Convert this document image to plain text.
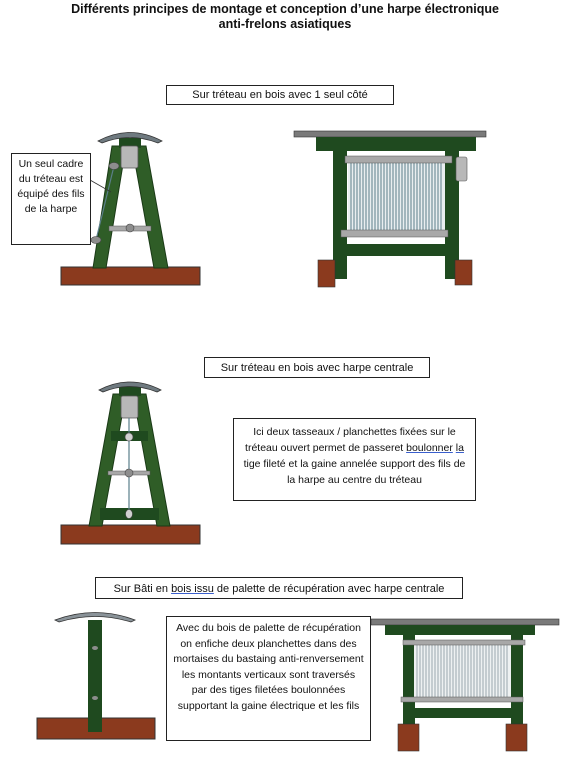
Différents principes de montage et conception d’une harpe électronique
anti-frelons asiatiques
Sur tréteau en bois avec 1 seul côté
Un seul cadre du tréteau est équipé des fils de la harpe
Sur tréteau en bois avec harpe centrale
Ici deux tasseaux / planchettes fixées sur le tréteau ouvert permet de passeret boulonner la tige fileté et la gaine annelée support des fils de la harpe au centre du tréteau
Sur Bâti en bois issu de palette de récupération avec harpe centrale
Avec du bois de palette de récupération on enfiche deux planchettes dans des mortaises du bastaing anti-renversement les montants verticaux sont traversés par des tiges filetées boulonnées supportant la gaine électrique et les fils
